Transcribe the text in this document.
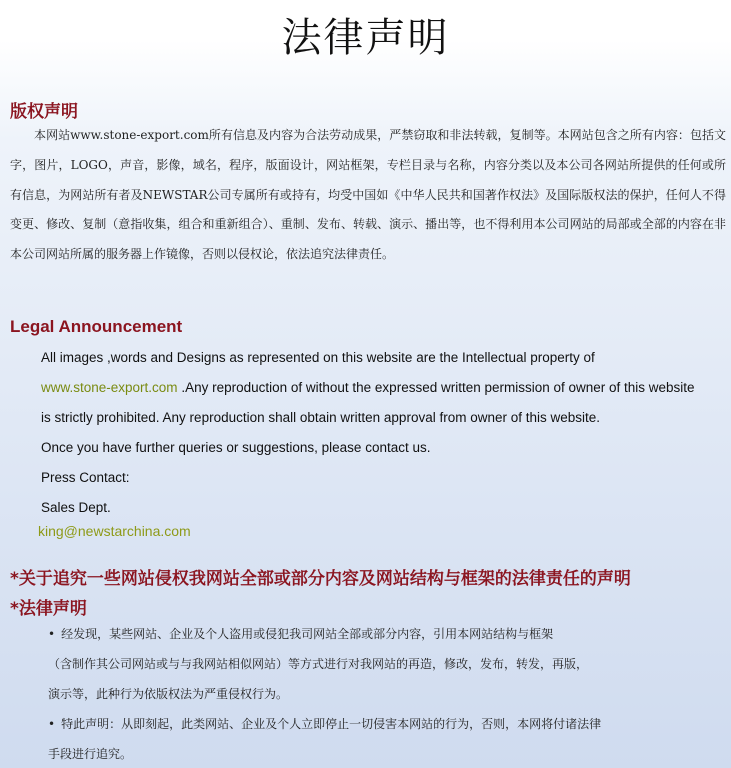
法律声明
版权声明
　　本网站www.stone-export.com所有信息及内容为合法劳动成果，严禁窃取和非法转载，复制等。本网站包含之所有内容：包括文字，图片，LOGO，声音，影像，域名，程序，版面设计，网站框架，专栏目录与名称，内容分类以及本公司各网站所提供的任何或所有信息，为网站所有者及NEWSTAR公司专属所有或持有，均受中国如《中华人民共和国著作权法》及国际版权法的保护，任何人不得变更、修改、复制（意指收集，组合和重新组合）、重制、发布、转载、演示、播出等，也不得利用本公司网站的局部或全部的内容在非本公司网站所属的服务器上作镜像，否则以侵权论，依法追究法律责任。
Legal Announcement
All images ,words and Designs as represented on this website are the Intellectual property of
www.stone-export.com .Any reproduction of without the expressed written permission of owner of this website
is strictly prohibited. Any reproduction shall obtain written approval from owner of this website.
Once you have further queries or suggestions, please contact us.
Press Contact:
Sales Dept.
king@newstarchina.com
*关于追究一些网站侵权我网站全部或部分内容及网站结构与框架的法律责任的声明
*法律声明
• 经发现，某些网站、企业及个人盗用或侵犯我司网站全部或部分内容，引用本网站结构与框架
（含制作其公司网站或与与我网站相似网站）等方式进行对我网站的再造，修改，发布，转发，再版，
演示等，此种行为依版权法为严重侵权行为。
• 特此声明：从即刻起，此类网站、企业及个人立即停止一切侵害本网站的行为，否则，本网将付诸法律
手段进行追究。
